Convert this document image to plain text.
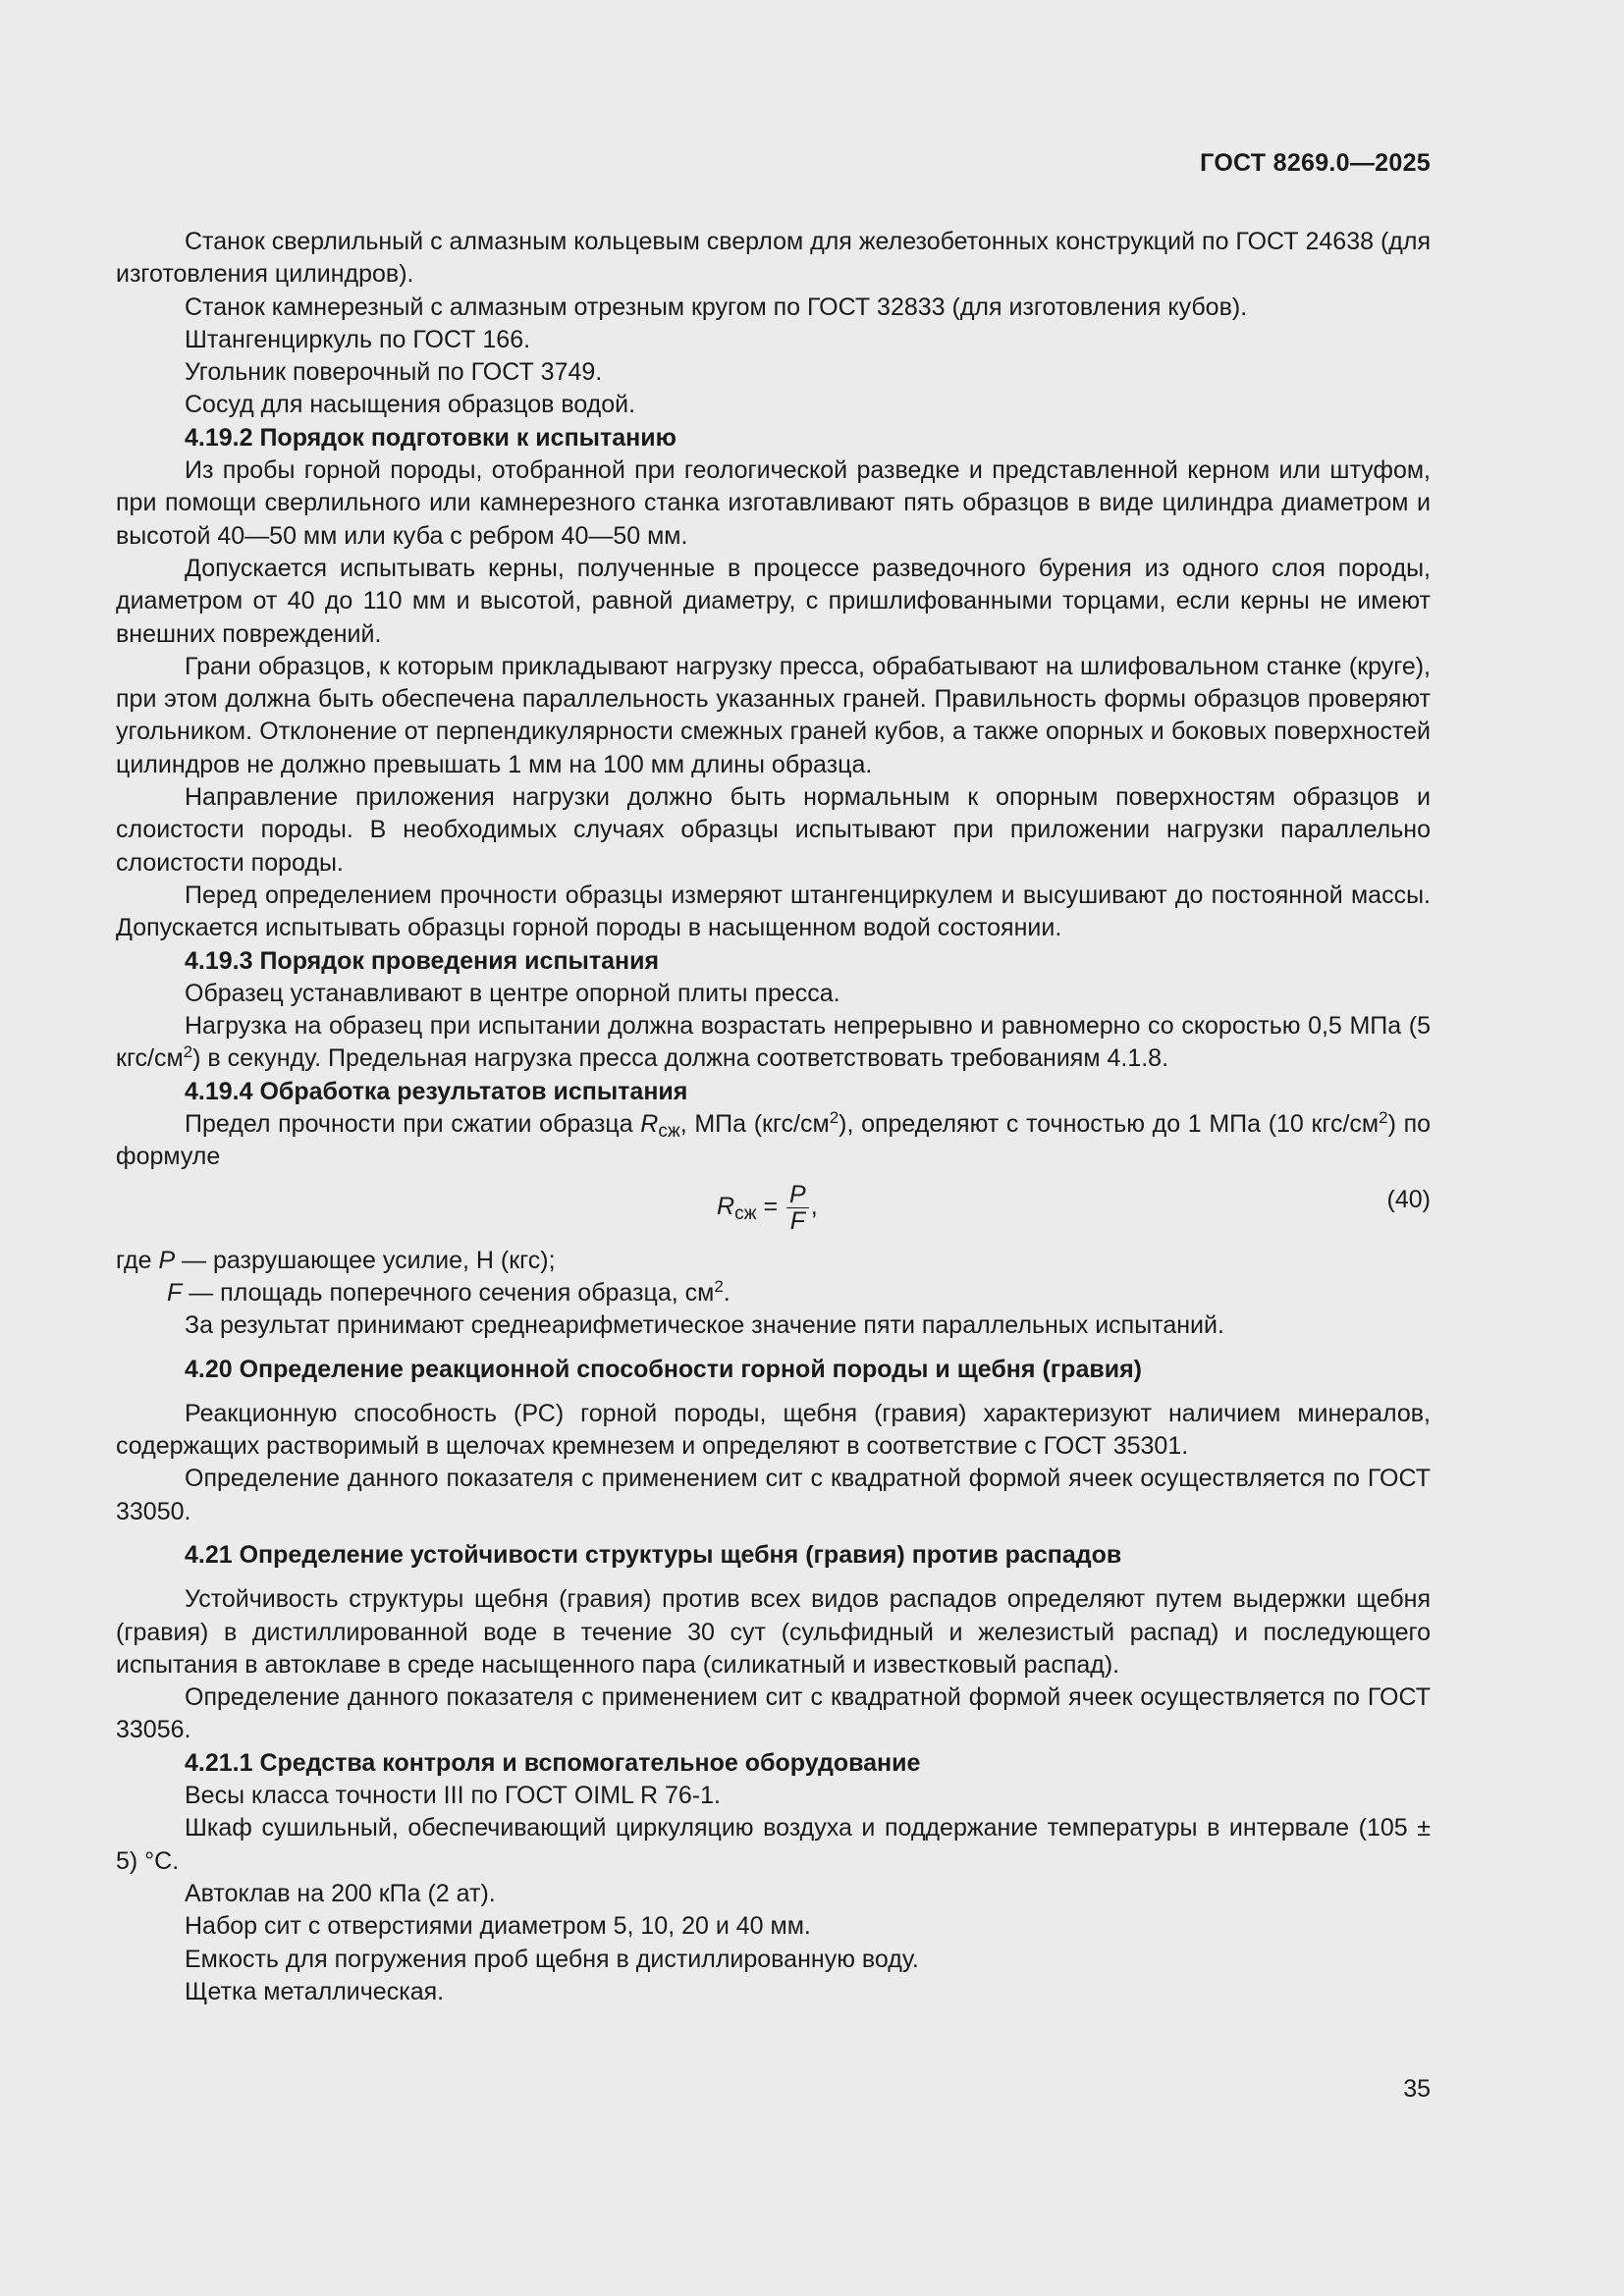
ГОСТ 8269.0—2025

Станок сверлильный с алмазным кольцевым сверлом для железобетонных конструкций по ГОСТ 24638 (для изготовления цилиндров).

Станок камнерезный с алмазным отрезным кругом по ГОСТ 32833 (для изготовления кубов).

Штангенциркуль по ГОСТ 166.

Угольник поверочный по ГОСТ 3749.

Сосуд для насыщения образцов водой.

4.19.2 Порядок подготовки к испытанию

Из пробы горной породы, отобранной при геологической разведке и представленной керном или штуфом, при помощи сверлильного или камнерезного станка изготавливают пять образцов в виде цилиндра диаметром и высотой 40—50 мм или куба с ребром 40—50 мм.

Допускается испытывать керны, полученные в процессе разведочного бурения из одного слоя породы, диаметром от 40 до 110 мм и высотой, равной диаметру, с пришлифованными торцами, если керны не имеют внешних повреждений.

Грани образцов, к которым прикладывают нагрузку пресса, обрабатывают на шлифовальном станке (круге), при этом должна быть обеспечена параллельность указанных граней. Правильность формы образцов проверяют угольником. Отклонение от перпендикулярности смежных граней кубов, а также опорных и боковых поверхностей цилиндров не должно превышать 1 мм на 100 мм длины образца.

Направление приложения нагрузки должно быть нормальным к опорным поверхностям образцов и слоистости породы. В необходимых случаях образцы испытывают при приложении нагрузки параллельно слоистости породы.

Перед определением прочности образцы измеряют штангенциркулем и высушивают до постоянной массы. Допускается испытывать образцы горной породы в насыщенном водой состоянии.

4.19.3 Порядок проведения испытания

Образец устанавливают в центре опорной плиты пресса.

Нагрузка на образец при испытании должна возрастать непрерывно и равномерно со скоростью 0,5 МПа (5 кгс/$см^2$) в секунду. Предельная нагрузка пресса должна соответствовать требованиям 4.1.8.

4.19.4 Обработка результатов испытания

Предел прочности при сжатии образца $R_{сж}$, МПа $(кгс/см^2)$, определяют с точностью до 1 МПа (10 кгс/$см^2$) по формуле

$R_{сж} = \frac{P}{F}$ ,	(40)

где P — разрушающее усилие, Н (кгс);

F — площадь поперечного сечения образца, $см^2$.

За результат принимают среднеарифметическое значение пяти параллельных испытаний.

4.20 Определение реакционной способности горной породы и щебня (гравия)

Реакционную способность (РС) горной породы, щебня (гравия) характеризуют наличием минералов, содержащих растворимый в щелочах кремнезем и определяют в соответствие с ГОСТ 35301.

Определение данного показателя с применением сит с квадратной формой ячеек осуществляется по ГОСТ 33050.

4.21 Определение устойчивости структуры щебня (гравия) против распадов

Устойчивость структуры щебня (гравия) против всех видов распадов определяют путем выдержки щебня (гравия) в дистиллированной воде в течение 30 сут (сульфидный и железистый распад) и последующего испытания в автоклаве в среде насыщенного пара (силикатный и известковый распад).

Определение данного показателя с применением сит с квадратной формой ячеек осуществляется по ГОСТ 33056.

4.21.1 Средства контроля и вспомогательное оборудование

Весы класса точности III по ГОСТ OIML R 76-1.

Шкаф сушильный, обеспечивающий циркуляцию воздуха и поддержание температуры в интервале (105 ± 5) °С.

Автоклав на 200 кПа (2 ат).

Набор сит с отверстиями диаметром 5, 10, 20 и 40 мм.

Емкость для погружения проб щебня в дистиллированную воду.

Щетка металлическая.

35
